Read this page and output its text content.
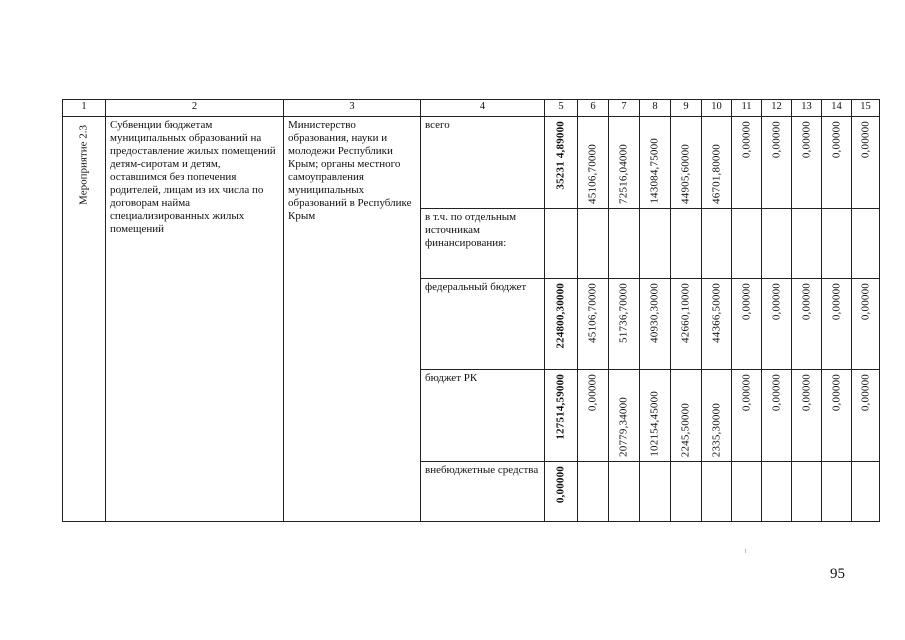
1	2	3	4	5	6	7	8	9	10	11	12	13	14	15

Мероприятие 2.3	Субвенции бюджетам муниципальных образований на предоставление жилых помещений детям-сиротам и детям, оставшимся без попечения родителей, лицам из их числа по договорам найма специализированных жилых помещений	Министерство образования, науки и молодежи Республики Крым; органы местного самоуправления муниципальных образований в Республике Крым	всего	35231 4,89000	45106,70000	72516,04000	143084,75000	44905,60000	46701,80000	0,00000	0,00000	0,00000	0,00000	0,00000

			в т.ч. по отдельным источникам финансирования:											
			федеральный бюджет	224800,30000	45106,70000	51736,70000	40930,30000	42660,10000	44366,50000	0,00000	0,00000	0,00000	0,00000	0,00000

			бюджет РК	127514,59000	0,00000	20779,34000	102154,45000	2245,50000	2335,30000	0,00000	0,00000	0,00000	0,00000	0,00000

			внебюджетные средства	0,00000										

95
